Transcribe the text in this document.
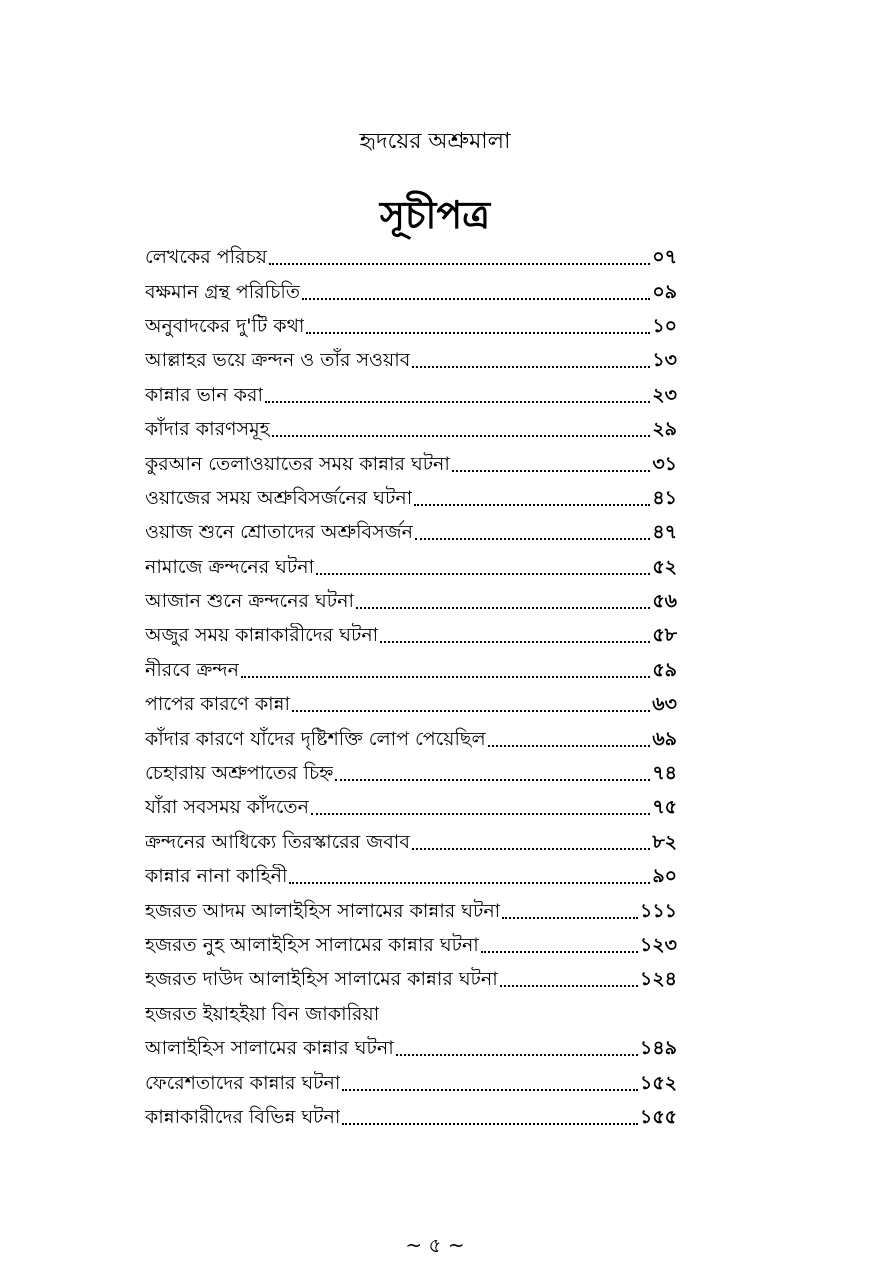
হৃদয়ের অশ্রুমালা
সূচীপত্র
লেখকের পরিচয়	০৭
বক্ষমান গ্রন্থ পরিচিতি	০৯
অনুবাদকের দু'টি কথা	১০
আল্লাহর ভয়ে ক্রন্দন ও তাঁর সওয়াব	১৩
কান্নার ভান করা	২৩
কাঁদার কারণসমূহ	২৯
কুরআন তেলাওয়াতের সময় কান্নার ঘটনা	৩১
ওয়াজের সময় অশ্রুবিসর্জনের ঘটনা	৪১
ওয়াজ শুনে শ্রোতাদের অশ্রুবিসর্জন	৪৭
নামাজে ক্রন্দনের ঘটনা	৫২
আজান শুনে ক্রন্দনের ঘটনা	৫৬
অজুর সময় কান্নাকারীদের ঘটনা	৫৮
নীরবে ক্রন্দন	৫৯
পাপের কারণে কান্না	৬৩
কাঁদার কারণে যাঁদের দৃষ্টিশক্তি লোপ পেয়েছিল	৬৯
চেহারায় অশ্রুপাতের চিহ্ন	৭৪
যাঁরা সবসময় কাঁদতেন	৭৫
ক্রন্দনের আধিক্যে তিরস্কারের জবাব	৮২
কান্নার নানা কাহিনী	৯০
হজরত আদম আলাইহিস সালামের কান্নার ঘটনা	১১১
হজরত নুহ আলাইহিস সালামের কান্নার ঘটনা	১২৩
হজরত দাউদ আলাইহিস সালামের কান্নার ঘটনা	১২৪
হজরত ইয়াহইয়া বিন জাকারিয়া
আলাইহিস সালামের কান্নার ঘটনা	১৪৯
ফেরেশতাদের কান্নার ঘটনা	১৫২
কান্নাকারীদের বিভিন্ন ঘটনা	১৫৫
~ ৫ ~
